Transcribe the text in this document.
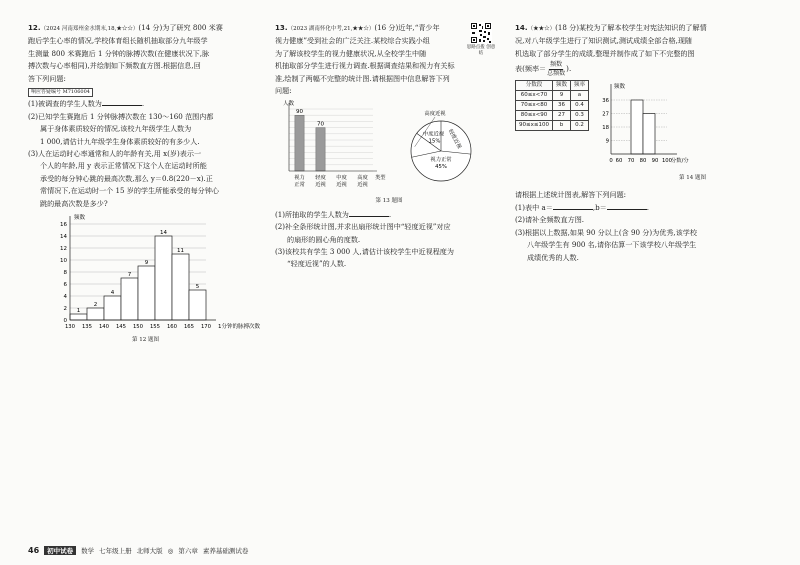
12.（2024 河南郑州金水期末,18,★☆☆）(14 分)为了研究 800 米赛

跑后学生心率的情况,学校体育组长随机抽取部分九年级学

生测量 800 米赛跑后 1 分钟的脉搏次数(在健康状况下,脉

搏次数与心率相同),并绘制如下频数直方图.根据信息,回

答下列问题:

响应答疑编号 M7106004

(1)被调查的学生人数为	.

(2)已知学生赛跑后 1 分钟脉搏次数在 130～160 范围内都

属于身体素质较好的情况,该校九年级学生人数为

1 000,请估计九年级学生身体素质较好的有多少人.

(3)人在运动时心率通常和人的年龄有关,用 x(岁)表示一

个人的年龄,用 y 表示正常情况下这个人在运动时所能

承受的每分钟心跳的最高次数,那么 y＝0.8(220－x).正

常情况下,在运动时一个 15 岁的学生所能承受的每分钟心

跳的最高次数是多少?

0
2
4
6
8
10
12
14
16
1
2
4
7
9
14
11
5
130 135 140 145 150 155 160 165 170
频数
1分钟的脉搏次数

第 12 题图

13.（2023 湖南怀化中考,21,★★☆）(16 分)近年,“青少年

视力健康”受到社会的广泛关注.某校综合实践小组

为了解该校学生的视力健康状况,从全校学生中随

机抽取部分学生进行视力调查.根据调查结果和视力有关标

准,绘制了两幅不完整的统计图.请根据图中信息解答下列

问题:

90
70
视力
正常
轻度
近视
中度
近视
高度
近视
人数
类型
视力正常
45%
高度近视
中度近视
15% 轻度近视

第 13 题图

(1)所抽取的学生人数为	.

(2)补全条形统计图,并求出扇形统计图中“轻度近视”对应

的扇形的圆心角的度数.

(3)该校共有学生 3 000 人,请估计该校学生中近视程度为

“轻度近视”的人数.

思路点拨 创意结

14.（★★☆）(18 分)某校为了解本校学生对宪法知识的了解情

况,对八年级学生进行了知识测试,测试成绩全部合格,现随

机选取了部分学生的成绩,整理并制作成了如下不完整的图

表 (频率＝ 频数
总频数
).

分数段	频数	频率
60≤x<70	9	a
70≤x<80	36	0.4
80≤x<90	27	0.3
90≤x≤100	b	0.2
9
18
27
36
0 60 70 80 90 100
频数
分数/分

第 14 题图

请根据上述统计图表,解答下列问题:

(1)表中 a＝	,b＝	.

(2)请补全频数直方图.

(3)根据以上数据,如果 90 分以上(含 90 分)为优秀,该学校

八年级学生有 900 名,请你估算一下该学校八年级学生

成绩优秀的人数.

46	初中试卷	数学 七年级上册 北师大版 ◎ 第六章 素养基础测试卷
